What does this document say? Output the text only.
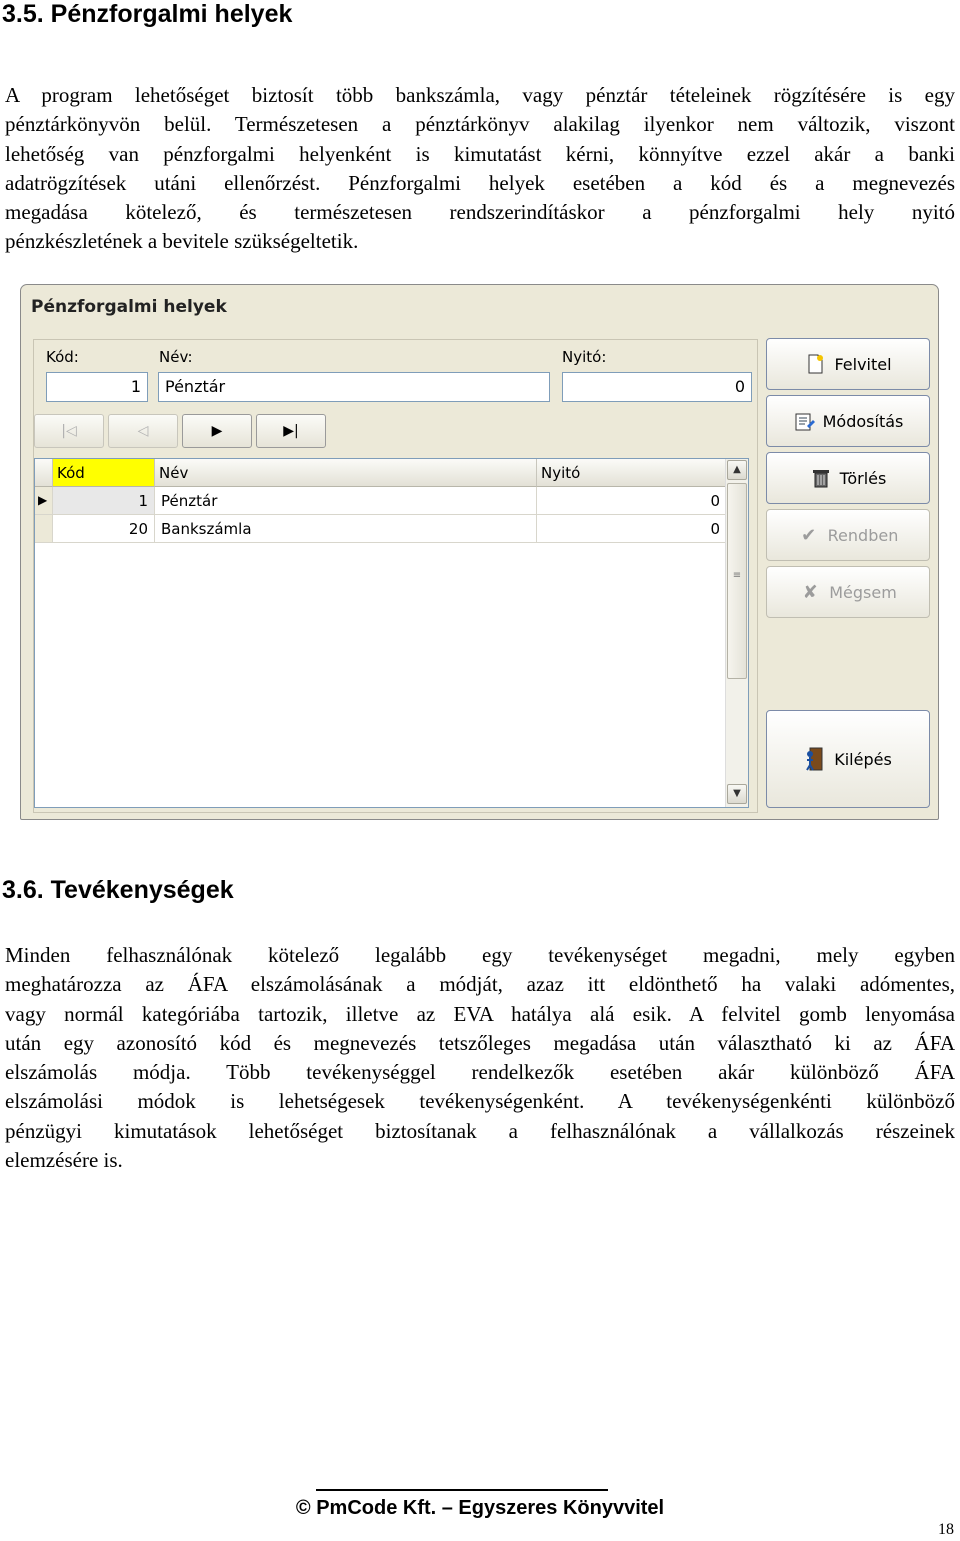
3.5. Pénzforgalmi helyek

A program lehetőséget biztosít több bankszámla, vagy pénztár tételeinek rögzítésére is egy
pénztárkönyvön belül. Természetesen a pénztárkönyv alakilag ilyenkor nem változik, viszont
lehetőség van pénzforgalmi helyenként is kimutatást kérni, könnyítve ezzel akár a banki
adatrögzítések utáni ellenőrzést. Pénzforgalmi helyek esetében a kód és a megnevezés
megadása kötelező, és természetesen rendszerindításkor a pénzforgalmi hely nyitó
pénzkészletének a bevitele szükségeltetik.

Pénzforgalmi helyek
Kód:	Név:	Nyitó:
1	Pénztár	0
|◁	◁	▶	▶|
Kód	Név	Nyitó
▶	1 Pénztár	0
20 Bankszámla	0
▲
≡
▼
Felvitel
Módosítás
Törlés
✔ Rendben
✘ Mégsem
Kilépés
3.6. Tevékenységek

Minden felhasználónak kötelező legalább egy tevékenységet megadni, mely egyben
meghatározza az ÁFA elszámolásának a módját, azaz itt eldönthető ha valaki adómentes,
vagy normál kategóriába tartozik, illetve az EVA hatálya alá esik. A felvitel gomb lenyomása
után egy azonosító kód és megnevezés tetszőleges megadása után választható ki az ÁFA
elszámolás módja. Több tevékenységgel rendelkezők esetében akár különböző ÁFA
elszámolási módok is lehetségesek tevékenységenként. A tevékenységenkénti különböző
pénzügyi kimutatások lehetőséget biztosítanak a felhasználónak a vállalkozás részeinek
elemzésére is.

© PmCode Kft. – Egyszeres Könyvvitel
18
